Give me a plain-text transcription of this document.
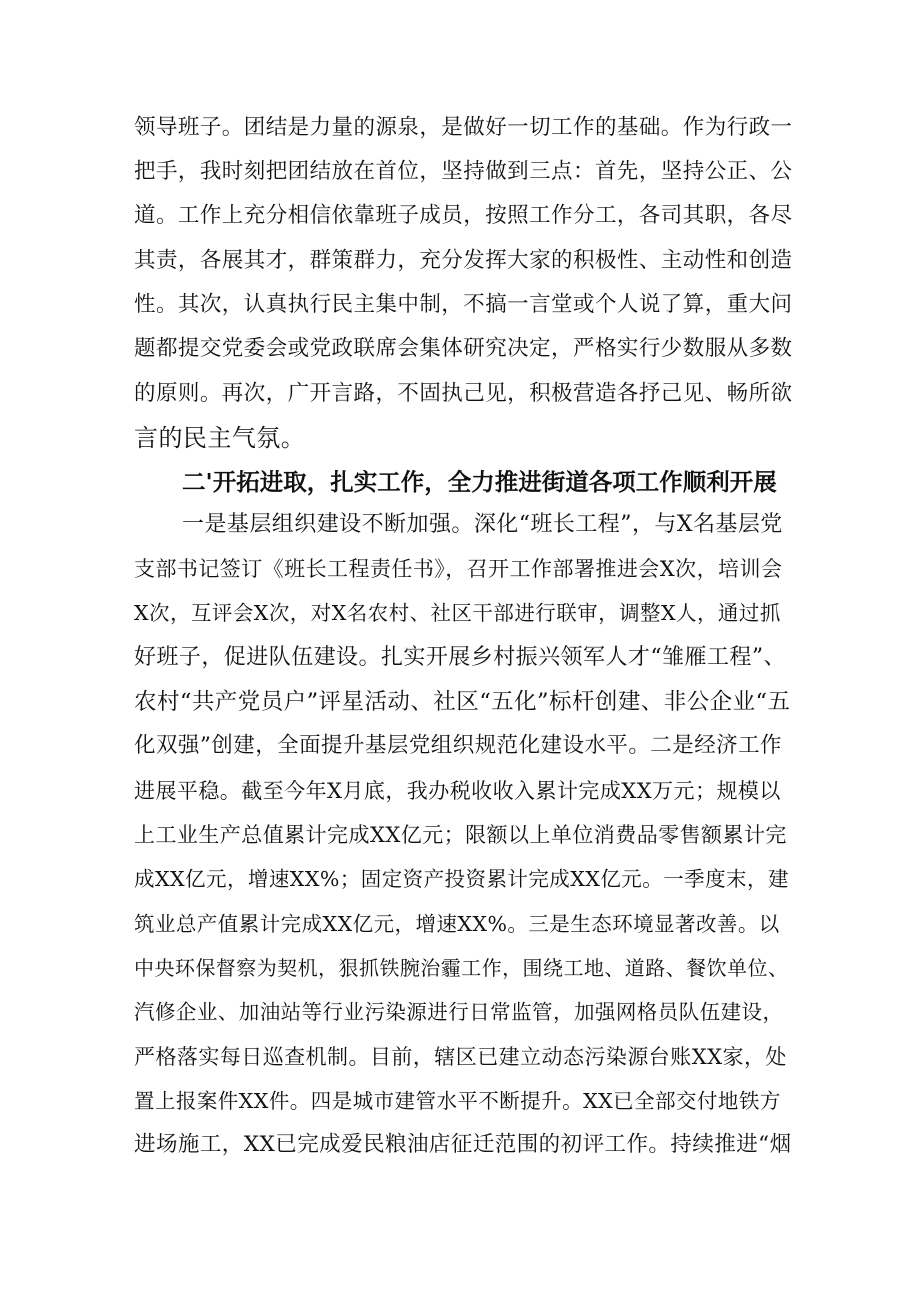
领导班子。团结是力量的源泉，是做好一切工作的基础。作为行政一
把手，我时刻把团结放在首位，坚持做到三点：首先，坚持公正、公
道。工作上充分相信依靠班子成员，按照工作分工，各司其职，各尽
其责，各展其才，群策群力，充分发挥大家的积极性、主动性和创造
性。其次，认真执行民主集中制，不搞一言堂或个人说了算，重大问
题都提交党委会或党政联席会集体研究决定，严格实行少数服从多数
的原则。再次，广开言路，不固执己见，积极营造各抒己见、畅所欲
言的民主气氛。
二'开拓进取，扎实工作，全力推进街道各项工作顺利开展
一是基层组织建设不断加强。深化“班长工程”，与X名基层党
支部书记签订《班长工程责任书》，召开工作部署推进会X次，培训会
X次，互评会X次，对X名农村、社区干部进行联审，调整X人，通过抓
好班子，促进队伍建设。扎实开展乡村振兴领军人才“雏雁工程”、
农村“共产党员户”评星活动、社区“五化”标杆创建、非公企业“五
化双强”创建，全面提升基层党组织规范化建设水平。二是经济工作
进展平稳。截至今年X月底，我办税收收入累计完成XX万元；规模以
上工业生产总值累计完成XX亿元；限额以上单位消费品零售额累计完
成XX亿元，增速XX%；固定资产投资累计完成XX亿元。一季度末，建
筑业总产值累计完成XX亿元，增速XX%。三是生态环境显著改善。以
中央环保督察为契机，狠抓铁腕治霾工作，围绕工地、道路、餐饮单位、
汽修企业、加油站等行业污染源进行日常监管，加强网格员队伍建设，
严格落实每日巡查机制。目前，辖区已建立动态污染源台账XX家，处
置上报案件XX件。四是城市建管水平不断提升。XX已全部交付地铁方
进场施工，XX已完成爱民粮油店征迁范围的初评工作。持续推进“烟
